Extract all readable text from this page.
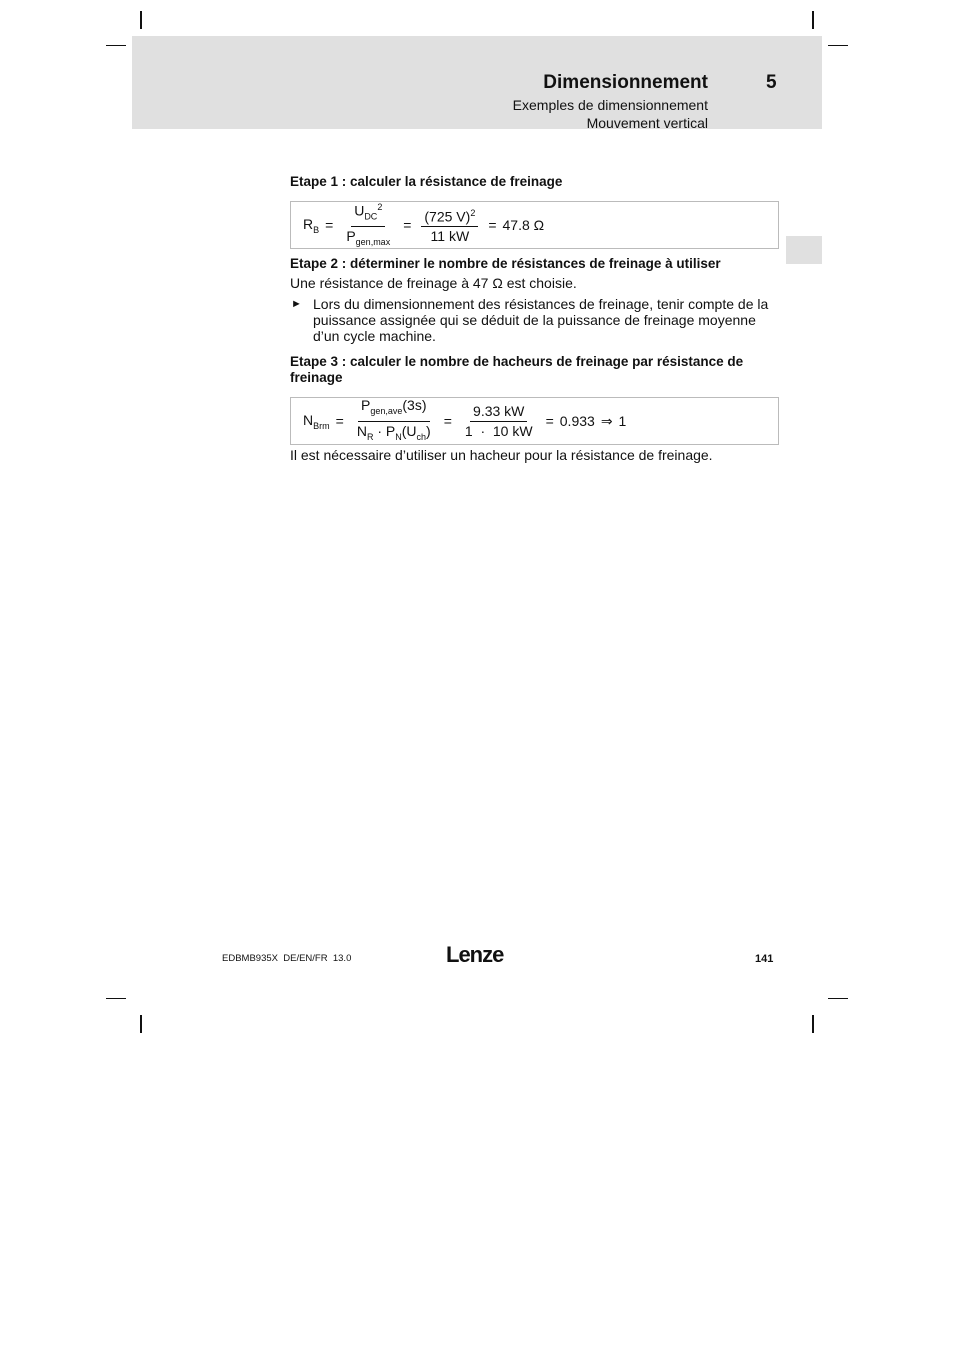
Dimensionnement	5
Exemples de dimensionnement
Mouvement vertical
Etape 1 : calculer la résistance de freinage
$R_B = \frac{U_{DC}^2}{P_{gen,max}} = \frac{(725 V)^2}{11 kW} = 47.8$ Ω
Etape 2 : déterminer le nombre de résistances de freinage à utiliser
Une résistance de freinage à 47 Ω est choisie.
► Lors du dimensionnement des résistances de freinage, tenir compte de la puissance assignée qui se déduit de la puissance de freinage moyenne d’un cycle machine.
Etape 3 : calculer le nombre de hacheurs de freinage par résistance de freinage
$N_{Brm} = \frac{P_{gen,ave}(3s)}{N_R \cdot P_N(U_{ch})} = \frac{9.33 kW}{1 \cdot 10 kW} = 0.933$ ⇒ 1
Il est nécessaire d’utiliser un hacheur pour la résistance de freinage.
EDBMB935X  DE/EN/FR  13.0	Lenze	141
